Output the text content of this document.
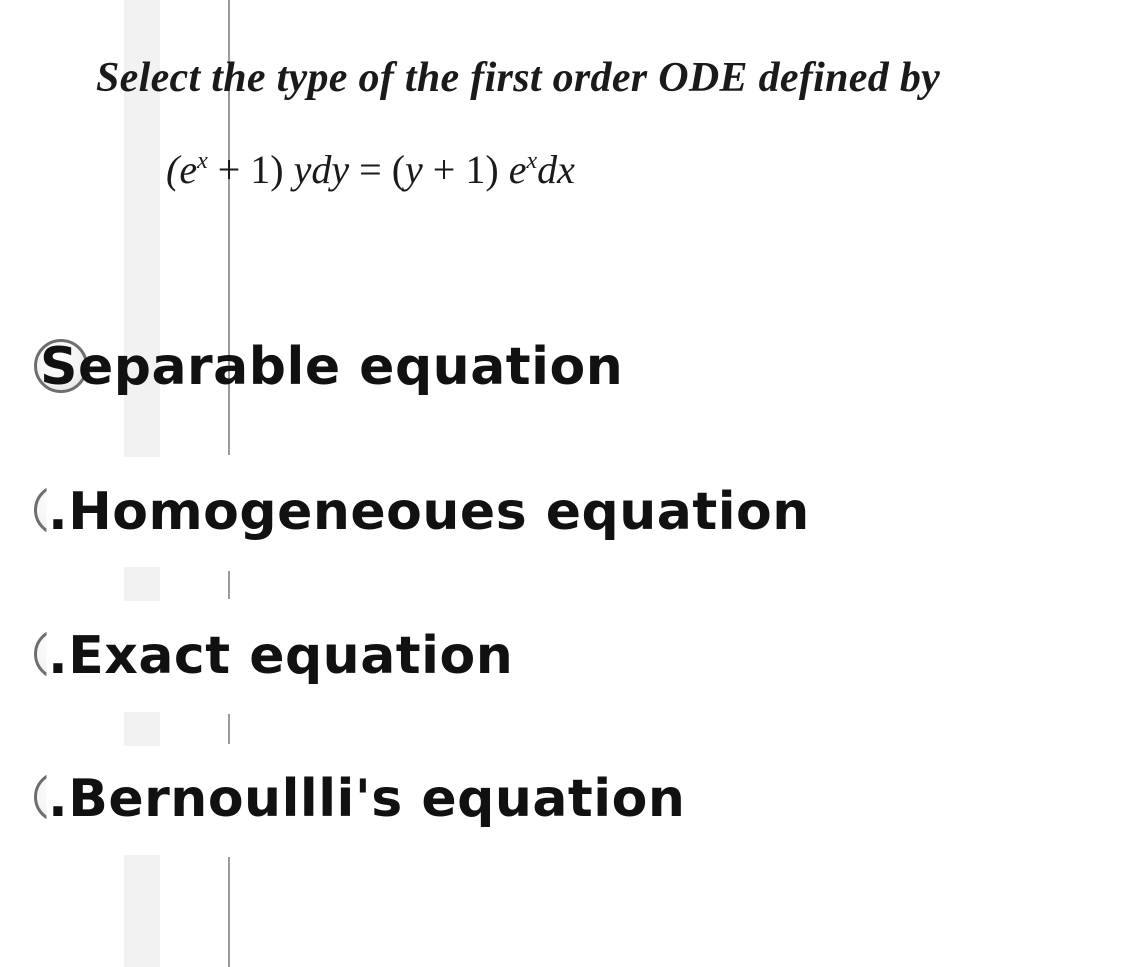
Select the type of the first order ODE defined by
$(e^x + 1)$ ydy = (y + 1) $e^xdx$
Separable equation
.Homogeneoues equation
.Exact equation
.Bernoullli's equation
